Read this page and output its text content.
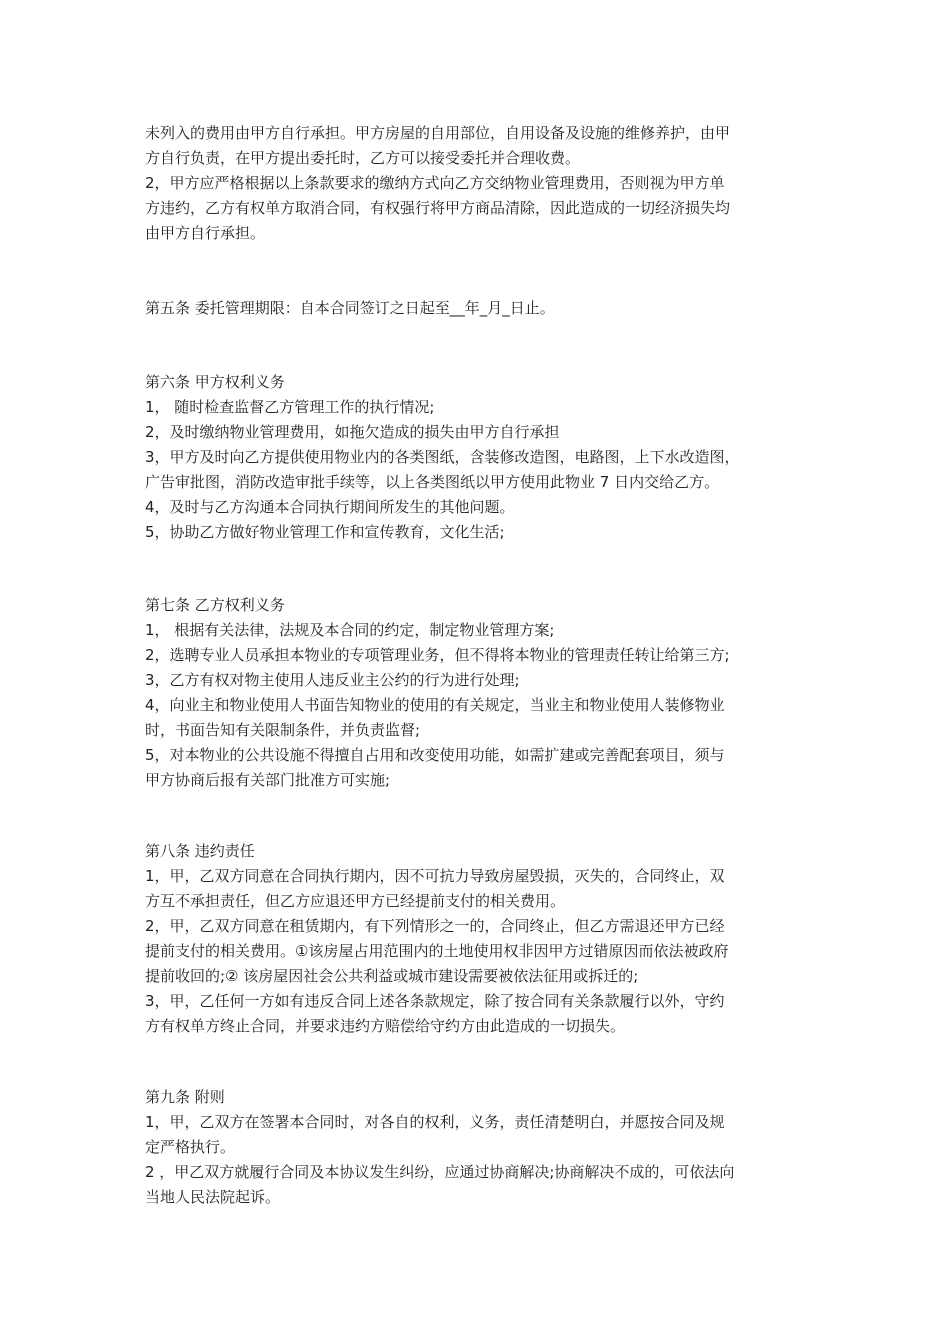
未列入的费用由甲方自行承担。甲方房屋的自用部位，自用设备及设施的维修养护，由甲
方自行负责，在甲方提出委托时，乙方可以接受委托并合理收费。
2，甲方应严格根据以上条款要求的缴纳方式向乙方交纳物业管理费用，否则视为甲方单
方违约，乙方有权单方取消合同，有权强行将甲方商品清除，因此造成的一切经济损失均
由甲方自行承担。
第五条 委托管理期限：自本合同签订之日起至__年_月_日止。
第六条 甲方权利义务
1， 随时检查监督乙方管理工作的执行情况;
2，及时缴纳物业管理费用，如拖欠造成的损失由甲方自行承担
3，甲方及时向乙方提供使用物业内的各类图纸，含装修改造图，电路图，上下水改造图，
广告审批图，消防改造审批手续等，以上各类图纸以甲方使用此物业 7 日内交给乙方。
4，及时与乙方沟通本合同执行期间所发生的其他问题。
5，协助乙方做好物业管理工作和宣传教育，文化生活;
第七条 乙方权利义务
1， 根据有关法律，法规及本合同的约定，制定物业管理方案;
2，选聘专业人员承担本物业的专项管理业务，但不得将本物业的管理责任转让给第三方;
3，乙方有权对物主使用人违反业主公约的行为进行处理;
4，向业主和物业使用人书面告知物业的使用的有关规定，当业主和物业使用人装修物业
时，书面告知有关限制条件，并负责监督;
5，对本物业的公共设施不得擅自占用和改变使用功能，如需扩建或完善配套项目，须与
甲方协商后报有关部门批准方可实施;
第八条 违约责任
1，甲，乙双方同意在合同执行期内，因不可抗力导致房屋毁损，灭失的，合同终止，双
方互不承担责任，但乙方应退还甲方已经提前支付的相关费用。
2，甲，乙双方同意在租赁期内，有下列情形之一的，合同终止，但乙方需退还甲方已经
提前支付的相关费用。①该房屋占用范围内的土地使用权非因甲方过错原因而依法被政府
提前收回的;② 该房屋因社会公共利益或城市建设需要被依法征用或拆迁的;
3，甲，乙任何一方如有违反合同上述各条款规定，除了按合同有关条款履行以外，守约
方有权单方终止合同，并要求违约方赔偿给守约方由此造成的一切损失。
第九条 附则
1，甲，乙双方在签署本合同时，对各自的权利，义务，责任清楚明白，并愿按合同及规
定严格执行。
2 ，甲乙双方就履行合同及本协议发生纠纷，应通过协商解决;协商解决不成的，可依法向
当地人民法院起诉。
